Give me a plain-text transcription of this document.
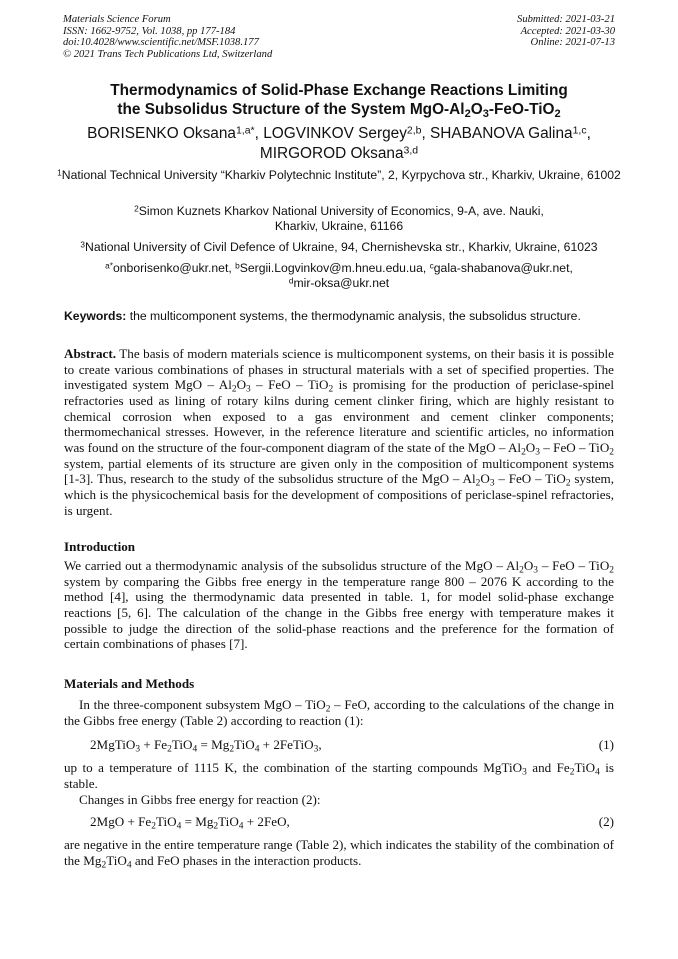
Materials Science Forum
ISSN: 1662-9752, Vol. 1038, pp 177-184
doi:10.4028/www.scientific.net/MSF.1038.177
© 2021 Trans Tech Publications Ltd, Switzerland
Submitted: 2021-03-21
Accepted: 2021-03-30
Online: 2021-07-13
Thermodynamics of Solid-Phase Exchange Reactions Limiting
the Subsolidus Structure of the System MgO-$Al_2O_3-FeO-TiO_2$
BORISENKO Oksana$^{1,a*}$, LOGVINKOV Sergey$^{2,b}$, SHABANOVA Galina$^{1,c}$,
MIRGOROD Oksana$^{3,d}$
$^1$National Technical University “Kharkiv Polytechnic Institute”, 2, Kyrpychova str., Kharkiv, Ukraine, 61002
$^2$Simon Kuznets Kharkov National University of Economics, 9-A, ave. Nauki,
Kharkiv, Ukraine, 61166
$^3$National University of Civil Defence of Ukraine, 94, Chernishevska str., Kharkiv, Ukraine, 61023
$^{a*}$onborisenko@ukr.net, $^b$Sergii.Logvinkov@m.hneu.edu.ua, $^c$gala-shabanova@ukr.net,
$^d$mir-oksa@ukr.net
Keywords: the multicomponent systems, the thermodynamic analysis, the subsolidus structure.
Abstract. The basis of modern materials science is multicomponent systems, on their basis it is possible to create various combinations of phases in structural materials with a set of specified properties. The investigated system MgO – $Al_2O_3$ – FeO – TiO$_2$ is promising for the production of periclase-spinel refractories used as lining of rotary kilns during cement clinker firing, which are highly resistant to chemical corrosion when exposed to a gas environment and cement clinker components; thermomechanical stresses. However, in the reference literature and scientific articles, no information was found on the structure of the four-component diagram of the state of the MgO – $Al_2O_3$ – FeO – TiO$_2$ system, partial elements of its structure are given only in the composition of multicomponent systems [1-3]. Thus, research to the study of the subsolidus structure of the MgO – $Al_2O_3$ – FeO – TiO$_2$ system, which is the physicochemical basis for the development of compositions of periclase-spinel refractories, is urgent.
Introduction
We carried out a thermodynamic analysis of the subsolidus structure of the MgO – $Al_2O_3$ – FeO – TiO$_2$ system by comparing the Gibbs free energy in the temperature range 800 – 2076 K according to the method [4], using the thermodynamic data presented in table. 1, for model solid-phase exchange reactions [5, 6]. The calculation of the change in the Gibbs free energy with temperature makes it possible to judge the direction of the solid-phase reactions and the preference for the formation of certain combinations of phases [7].
Materials and Methods
In the three-component subsystem MgO – TiO$_2$ – FeO, according to the calculations of the change in the Gibbs free energy (Table 2) according to reaction (1):
2MgTiO$_3$ + $Fe_2TiO_4 = Mg_2TiO_4$ + 2FeTiO$_3$,	(1)
up to a temperature of 1115 K, the combination of the starting compounds MgTiO$_3$ and $Fe_2TiO_4$ is stable.
Changes in Gibbs free energy for reaction (2):
$2MgO + Fe_2TiO_4 = Mg_2TiO_4 + 2FeO$,	(2)
are negative in the entire temperature range (Table 2), which indicates the stability of the combination of the $Mg_2TiO_4$ and FeO phases in the interaction products.
